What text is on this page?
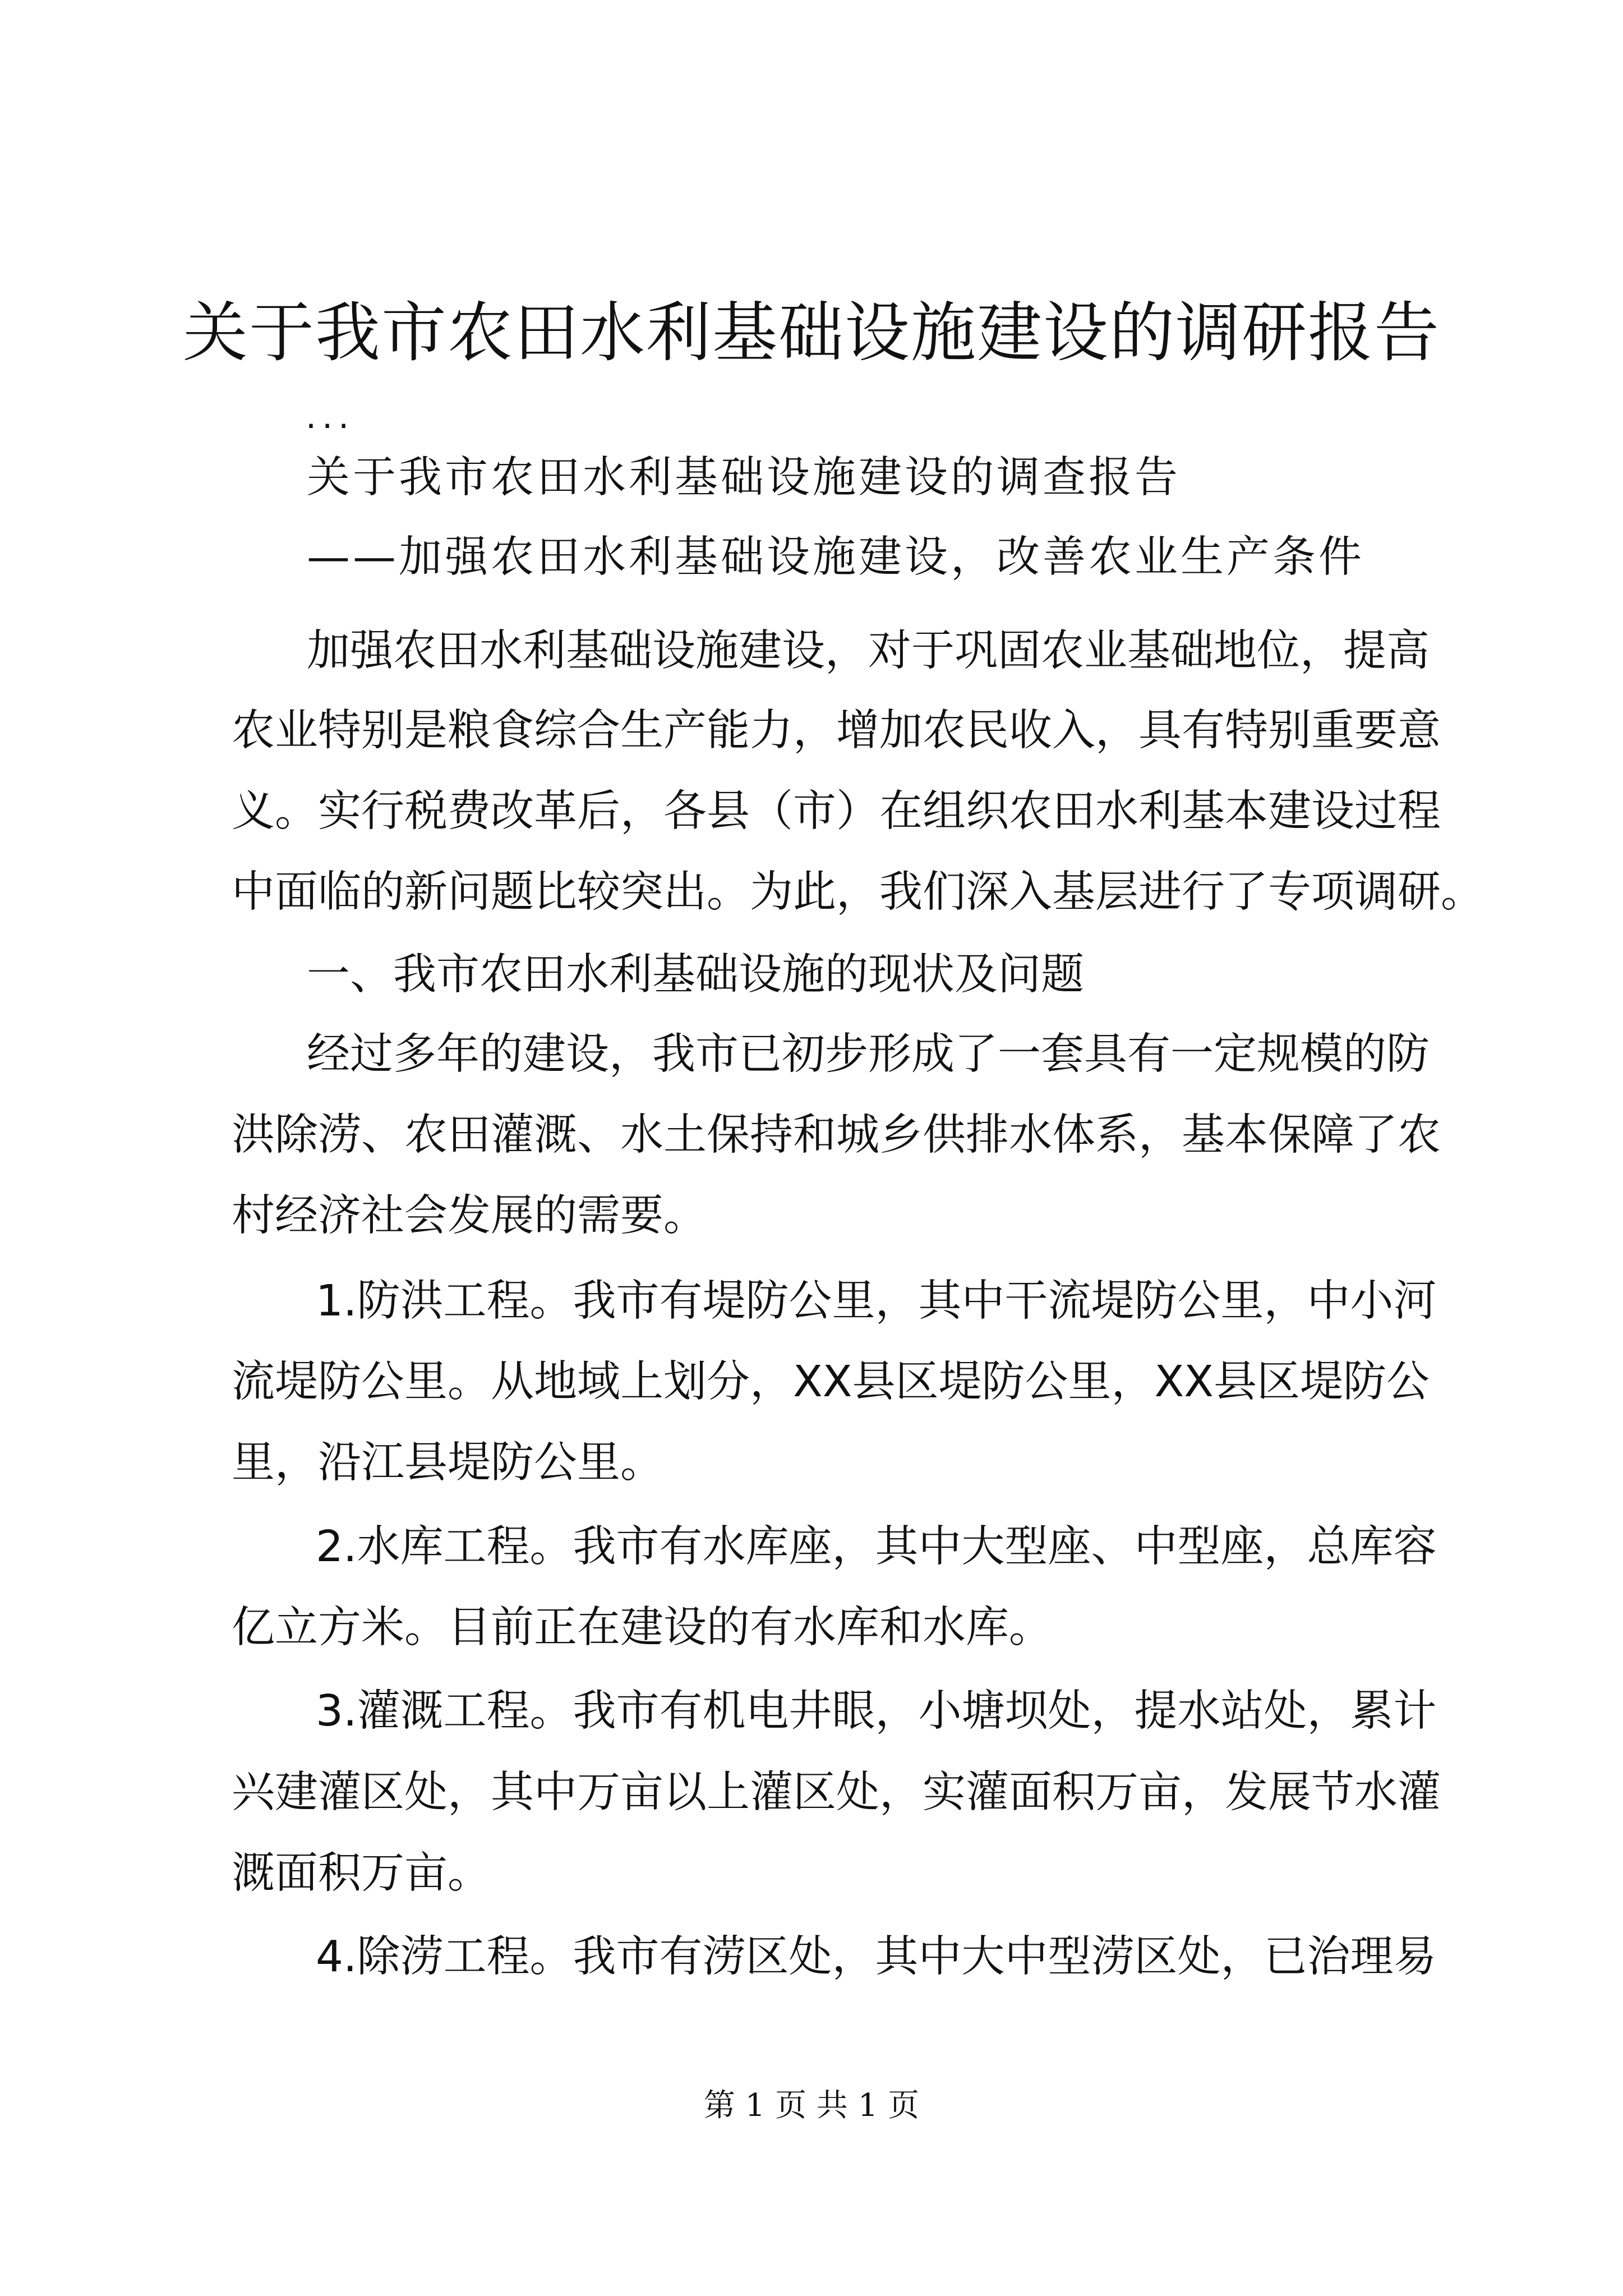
关于我市农田水利基础设施建设的调研报告
...
关于我市农田水利基础设施建设的调查报告
——加强农田水利基础设施建设，改善农业生产条件
加强农田水利基础设施建设，对于巩固农业基础地位，提高
农业特别是粮食综合生产能力，增加农民收入，具有特别重要意
义。实行税费改革后，各县（市）在组织农田水利基本建设过程
中面临的新问题比较突出。为此，我们深入基层进行了专项调研。
一、我市农田水利基础设施的现状及问题
经过多年的建设，我市已初步形成了一套具有一定规模的防
洪除涝、农田灌溉、水土保持和城乡供排水体系，基本保障了农
村经济社会发展的需要。
1.防洪工程。我市有堤防公里，其中干流堤防公里，中小河
流堤防公里。从地域上划分，XX县区堤防公里，XX县区堤防公
里，沿江县堤防公里。
2.水库工程。我市有水库座，其中大型座、中型座，总库容
亿立方米。目前正在建设的有水库和水库。
3.灌溉工程。我市有机电井眼，小塘坝处，提水站处，累计
兴建灌区处，其中万亩以上灌区处，实灌面积万亩，发展节水灌
溉面积万亩。
第 1 页 共 1 页
4.除涝工程。我市有涝区处，其中大中型涝区处，已治理易
